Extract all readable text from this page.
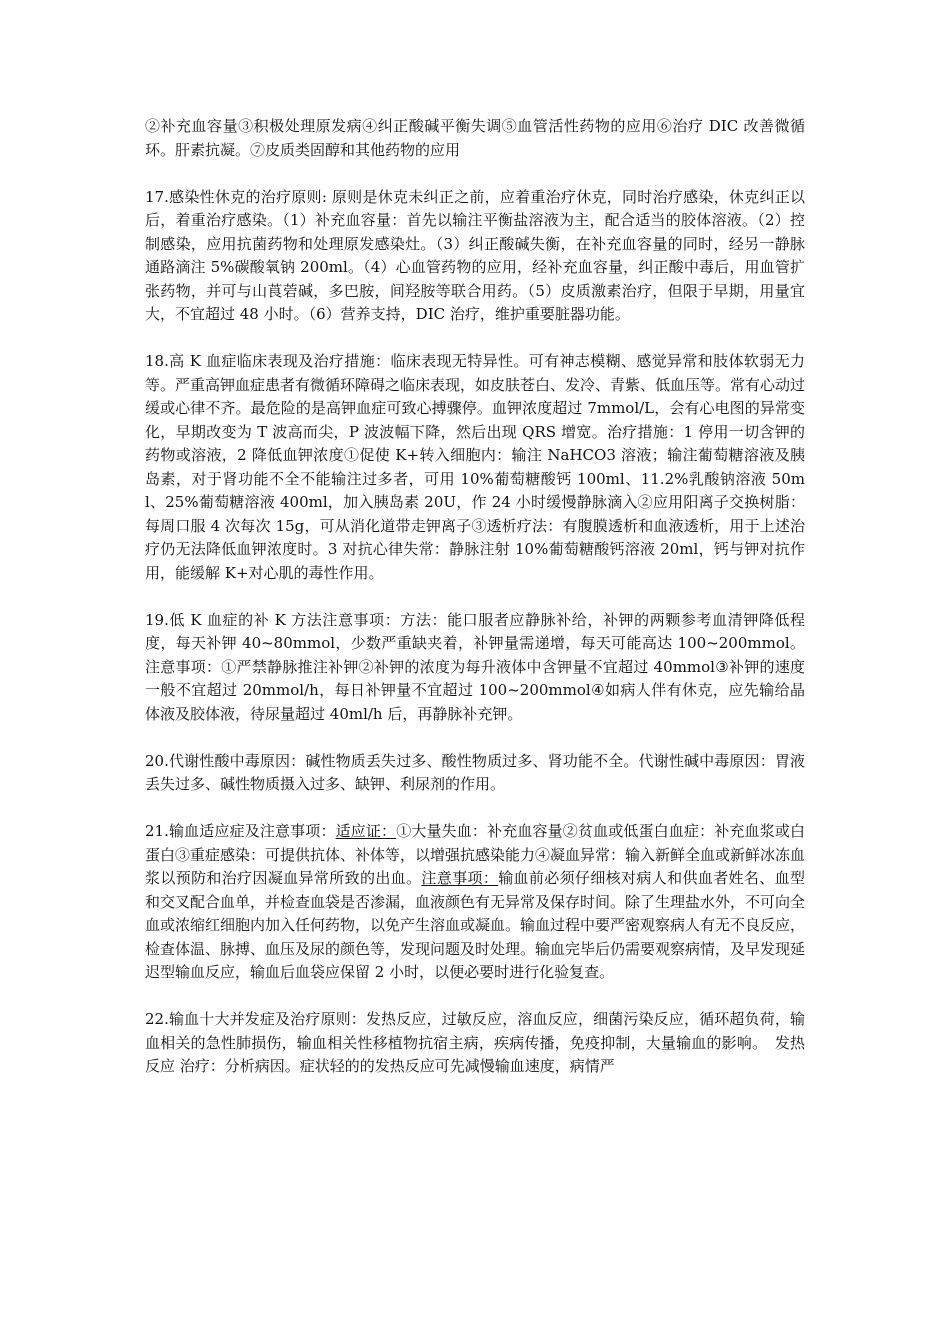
②补充血容量③积极处理原发病④纠正酸碱平衡失调⑤血管活性药物的应用⑥治疗 DIC 改善微循环。肝素抗凝。⑦皮质类固醇和其他药物的应用

17.感染性休克的治疗原则: 原则是休克未纠正之前，应着重治疗休克，同时治疗感染，休克纠正以后，着重治疗感染。（1）补充血容量：首先以输注平衡盐溶液为主，配合适当的胶体溶液。（2）控制感染，应用抗菌药物和处理原发感染灶。（3）纠正酸碱失衡，在补充血容量的同时，经另一静脉通路滴注 5%碳酸氧钠 200ml。（4）心血管药物的应用，经补充血容量，纠正酸中毒后，用血管扩张药物，并可与山莨菪碱，多巴胺，间羟胺等联合用药。（5）皮质激素治疗，但限于早期，用量宜大，不宜超过 48 小时。（6）营养支持，DIC 治疗，维护重要脏器功能。

18.高 K 血症临床表现及治疗措施：临床表现无特异性。可有神志模糊、感觉异常和肢体软弱无力等。严重高钾血症患者有微循环障碍之临床表现，如皮肤苍白、发冷、青紫、低血压等。常有心动过缓或心律不齐。最危险的是高钾血症可致心搏骤停。血钾浓度超过 7mmol/L，会有心电图的异常变化，早期改变为 T 波高而尖，P 波波幅下降，然后出现 QRS 增宽。治疗措施：1 停用一切含钾的药物或溶液，2 降低血钾浓度①促使 K+转入细胞内：输注 NaHCO3 溶液；输注葡萄糖溶液及胰岛素，对于肾功能不全不能输注过多者，可用 10%葡萄糖酸钙 100ml、11.2%乳酸钠溶液 50ml、25%葡萄糖溶液 400ml，加入胰岛素 20U，作 24 小时缓慢静脉滴入②应用阳离子交换树脂：每周口服 4 次每次 15g，可从消化道带走钾离子③透析疗法：有腹膜透析和血液透析，用于上述治疗仍无法降低血钾浓度时。3 对抗心律失常：静脉注射 10%葡萄糖酸钙溶液 20ml，钙与钾对抗作用，能缓解 K+对心肌的毒性作用。

19.低 K 血症的补 K 方法注意事项：方法：能口服者应静脉补给，补钾的两颗参考血清钾降低程度，每天补钾 40~80mmol，少数严重缺夹着，补钾量需递增，每天可能高达 100~200mmol。注意事项：①严禁静脉推注补钾②补钾的浓度为每升液体中含钾量不宜超过 40mmol③补钾的速度一般不宜超过 20mmol/h，每日补钾量不宜超过 100~200mmol④如病人伴有休克，应先输给晶体液及胶体液，待尿量超过 40ml/h 后，再静脉补充钾。

20.代谢性酸中毒原因：碱性物质丢失过多、酸性物质过多、肾功能不全。代谢性碱中毒原因：胃液丢失过多、碱性物质摄入过多、缺钾、利尿剂的作用。

21.输血适应症及注意事项：适应证：①大量失血：补充血容量②贫血或低蛋白血症：补充血浆或白蛋白③重症感染：可提供抗体、补体等，以增强抗感染能力④凝血异常：输入新鲜全血或新鲜冰冻血浆以预防和治疗因凝血异常所致的出血。注意事项：输血前必须仔细核对病人和供血者姓名、血型和交叉配合血单，并检查血袋是否渗漏，血液颜色有无异常及保存时间。除了生理盐水外，不可向全血或浓缩红细胞内加入任何药物，以免产生溶血或凝血。输血过程中要严密观察病人有无不良反应，检查体温、脉搏、血压及尿的颜色等，发现问题及时处理。输血完毕后仍需要观察病情，及早发现延迟型输血反应，输血后血袋应保留 2 小时，以便必要时进行化验复查。

22.输血十大并发症及治疗原则：发热反应，过敏反应，溶血反应，细菌污染反应，循环超负荷，输血相关的急性肺损伤，输血相关性移植物抗宿主病，疾病传播，免疫抑制，大量输血的影响。　发热反应 治疗：分析病因。症状轻的的发热反应可先减慢输血速度，病情严
